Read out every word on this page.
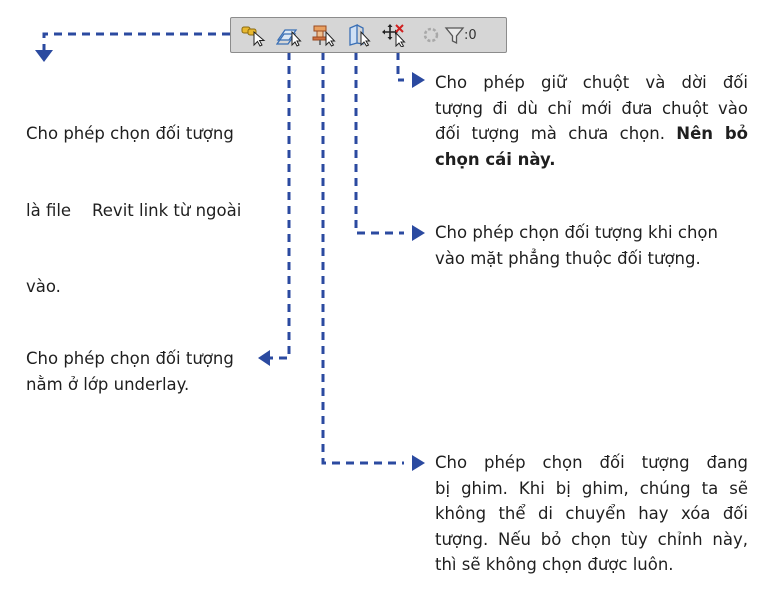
:0

Cho phép chọn đối tượng

là file    Revit link từ ngoài

vào.

Cho phép giữ chuột và dời đối
tượng đi dù chỉ mới đưa chuột vào
đối tượng mà chưa chọn. Nên bỏ
chọn cái này.
Cho phép chọn đối tượng khi chọn
vào mặt phẳng thuộc đối tượng.
Cho phép chọn đối tượng
nằm ở lớp underlay.
Cho phép chọn đối tượng đang
bị ghim. Khi bị ghim, chúng ta sẽ
không thể di chuyển hay xóa đối
tượng. Nếu bỏ chọn tùy chỉnh này,
thì sẽ không chọn được luôn.
